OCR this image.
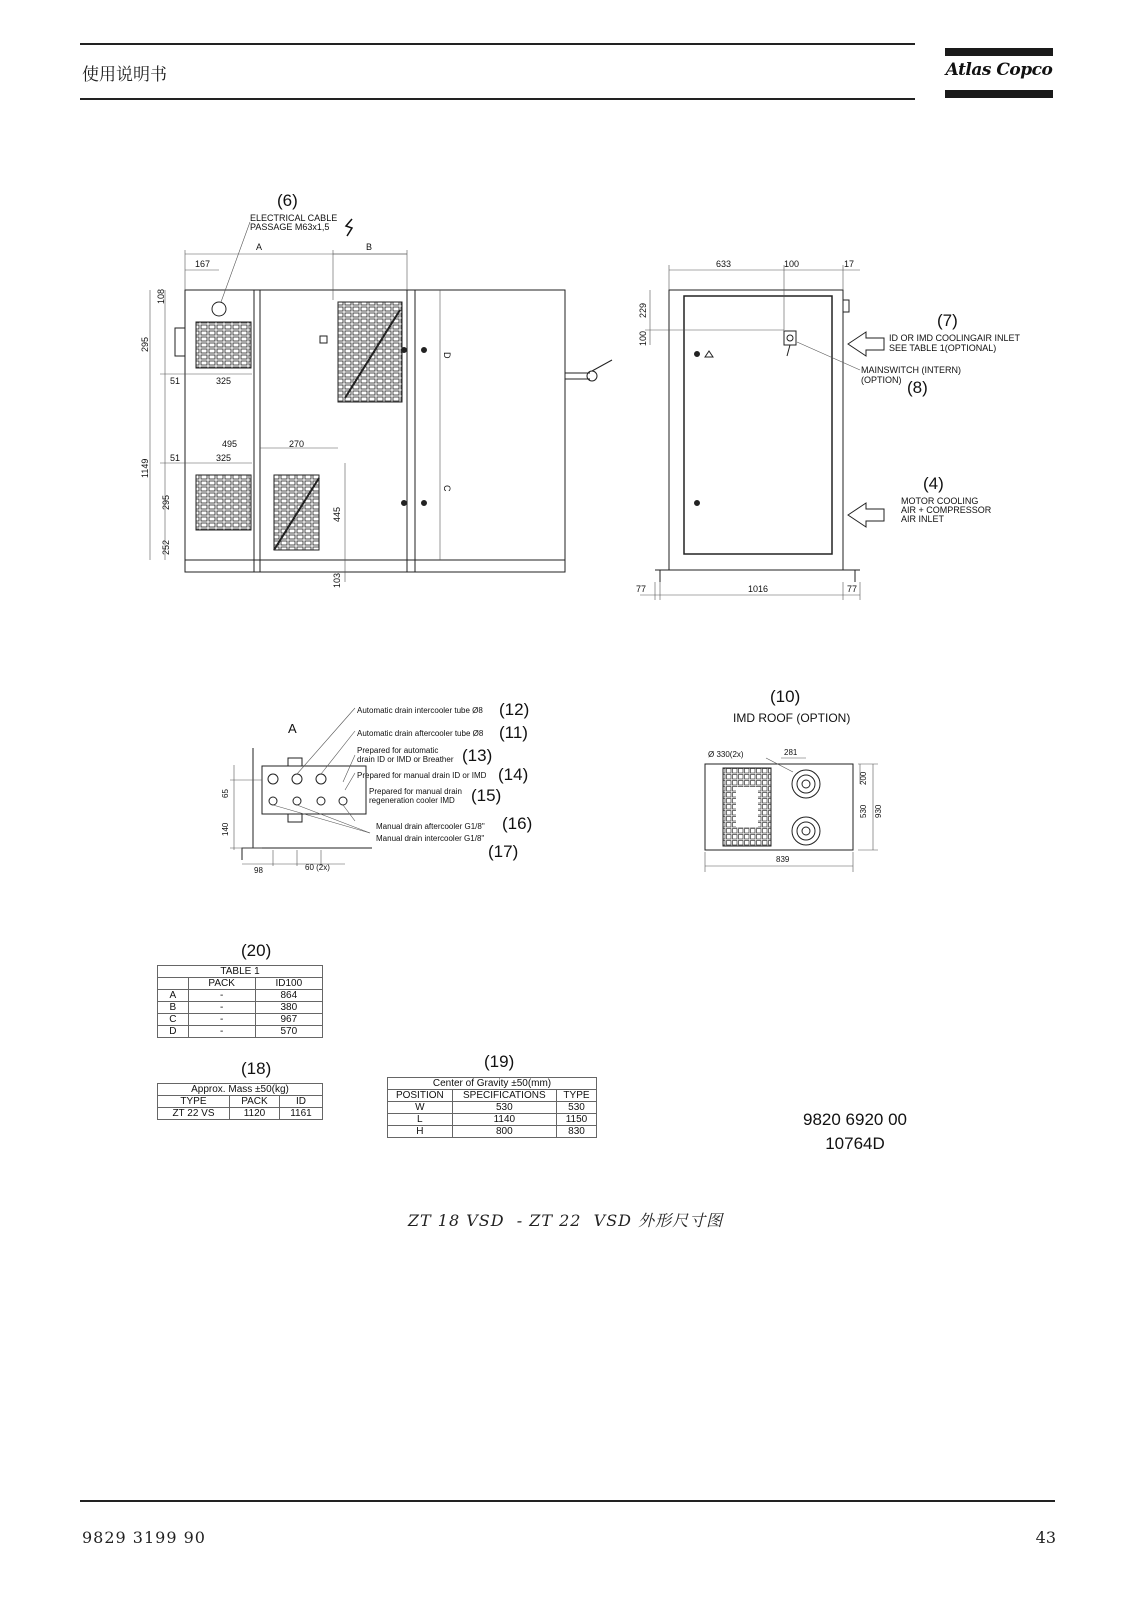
使用说明书	Atlas Copco
(6)
ELECTRICAL CABLE
PASSAGE M63x1,5
A	B
167
108
295
51	325
495	270
51	325
1149
295
252
445
103
D
C
633	100	17
229
100
77	1016	77
(7)
ID OR IMD COOLINGAIR INLET
SEE TABLE 1(OPTIONAL)
MAINSWITCH (INTERN)
(OPTION) (8)
(4)
MOTOR COOLING
AIR + COMPRESSOR
AIR INLET
A
Automatic drain intercooler tube Ø8 (12)
Automatic drain aftercooler tube Ø8 (11)
Prepared for automatic
drain ID or IMD or Breather (13)
Prepared for manual drain ID or IMD (14)
Prepared for manual drain
regeneration cooler IMD (15)
Manual drain aftercooler G1/8" (16)
Manual drain intercooler G1/8"
(17)
65
140
98	60 (2x)
(10)
IMD ROOF (OPTION)
Ø 330(2x)	281
200
530 930
839
(20)
TABLE 1		
	PACK	ID100
A	-	864
B	-	380
C	-	967
D	-	570
(18)
Approx. Mass ±50(kg)		
TYPE	PACK	ID
ZT 22 VS	1120	1161
(19)
Center of Gravity ±50(mm)		
POSITION	SPECIFICATIONS	TYPE
W	530	530
L	1140	1150
H	800	830
9820 6920 00
10764D
ZT 18 VSD  - ZT 22  VSD 外形尺寸图
9829 3199 90	43
